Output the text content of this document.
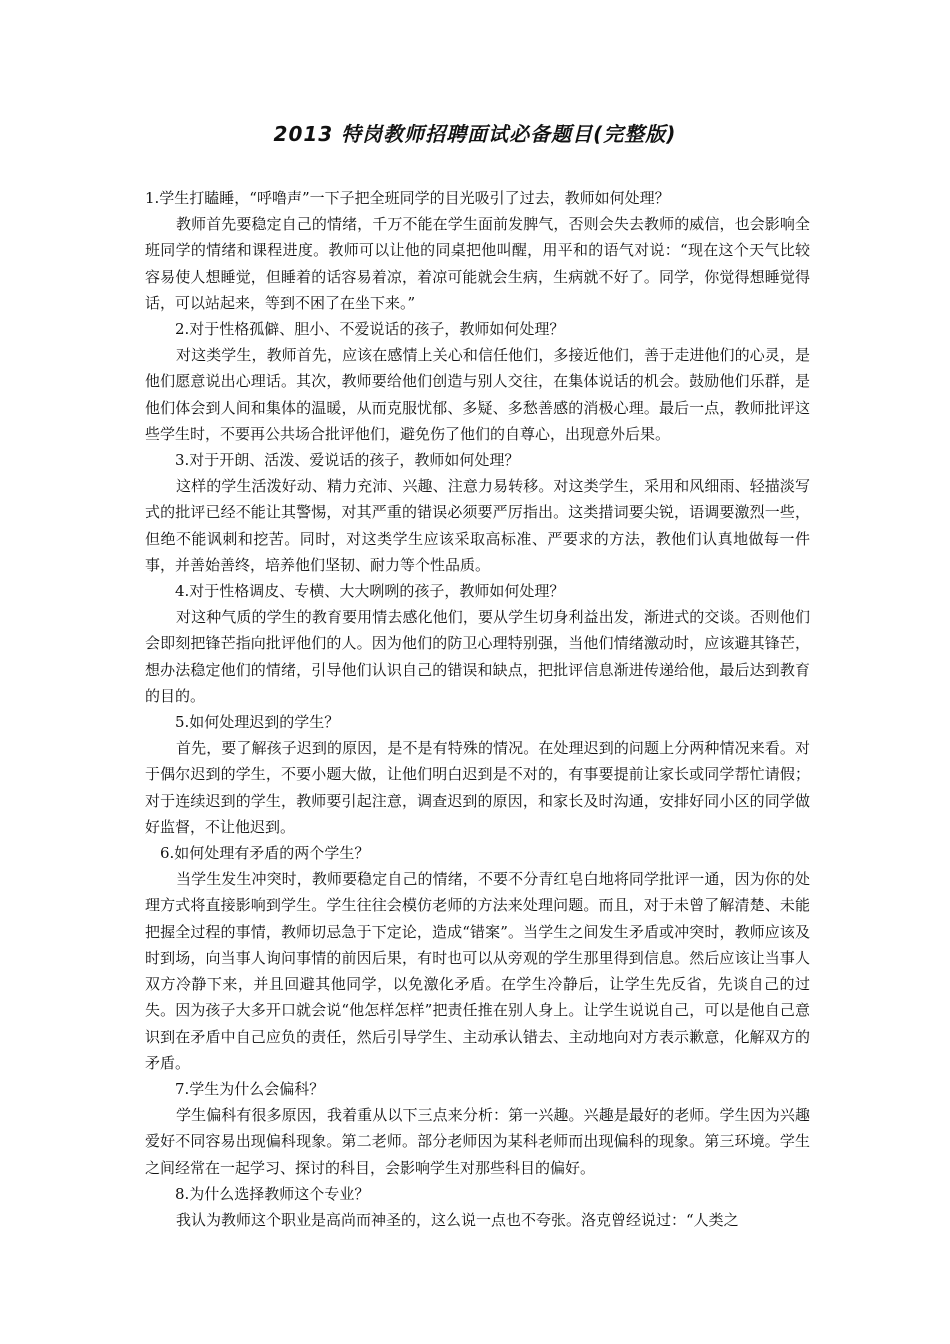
2013 特岗教师招聘面试必备题目(完整版)

1.学生打瞌睡，“呼噜声”一下子把全班同学的目光吸引了过去，教师如何处理？

教师首先要稳定自己的情绪，千万不能在学生面前发脾气，否则会失去教师的威信，也会影响全班同学的情绪和课程进度。教师可以让他的同桌把他叫醒，用平和的语气对说：“现在这个天气比较容易使人想睡觉，但睡着的话容易着凉，着凉可能就会生病，生病就不好了。同学，你觉得想睡觉得话，可以站起来，等到不困了在坐下来。”

2.对于性格孤僻、胆小、不爱说话的孩子，教师如何处理？

对这类学生，教师首先，应该在感情上关心和信任他们，多接近他们，善于走进他们的心灵，是他们愿意说出心理话。其次，教师要给他们创造与别人交往，在集体说话的机会。鼓励他们乐群，是他们体会到人间和集体的温暖，从而克服忧郁、多疑、多愁善感的消极心理。最后一点，教师批评这些学生时，不要再公共场合批评他们，避免伤了他们的自尊心，出现意外后果。

3.对于开朗、活泼、爱说话的孩子，教师如何处理？

这样的学生活泼好动、精力充沛、兴趣、注意力易转移。对这类学生，采用和风细雨、轻描淡写式的批评已经不能让其警惕，对其严重的错误必须要严厉指出。这类措词要尖锐，语调要激烈一些，但绝不能讽刺和挖苦。同时，对这类学生应该采取高标准、严要求的方法，教他们认真地做每一件事，并善始善终，培养他们坚韧、耐力等个性品质。

4.对于性格调皮、专横、大大咧咧的孩子，教师如何处理？

对这种气质的学生的教育要用情去感化他们，要从学生切身利益出发，渐进式的交谈。否则他们会即刻把锋芒指向批评他们的人。因为他们的防卫心理特别强，当他们情绪激动时，应该避其锋芒，想办法稳定他们的情绪，引导他们认识自己的错误和缺点，把批评信息渐进传递给他，最后达到教育的目的。

5.如何处理迟到的学生？

首先，要了解孩子迟到的原因，是不是有特殊的情况。在处理迟到的问题上分两种情况来看。对于偶尔迟到的学生，不要小题大做，让他们明白迟到是不对的，有事要提前让家长或同学帮忙请假；对于连续迟到的学生，教师要引起注意，调查迟到的原因，和家长及时沟通，安排好同小区的同学做好监督，不让他迟到。

6.如何处理有矛盾的两个学生？

当学生发生冲突时，教师要稳定自己的情绪，不要不分青红皂白地将同学批评一通，因为你的处理方式将直接影响到学生。学生往往会模仿老师的方法来处理问题。而且，对于未曾了解清楚、未能把握全过程的事情，教师切忌急于下定论，造成“错案”。当学生之间发生矛盾或冲突时，教师应该及时到场，向当事人询问事情的前因后果，有时也可以从旁观的学生那里得到信息。然后应该让当事人双方冷静下来，并且回避其他同学，以免激化矛盾。在学生冷静后，让学生先反省，先谈自己的过失。因为孩子大多开口就会说“他怎样怎样”把责任推在别人身上。让学生说说自己，可以是他自己意识到在矛盾中自己应负的责任，然后引导学生、主动承认错去、主动地向对方表示歉意，化解双方的矛盾。

7.学生为什么会偏科？

学生偏科有很多原因，我着重从以下三点来分析：第一兴趣。兴趣是最好的老师。学生因为兴趣爱好不同容易出现偏科现象。第二老师。部分老师因为某科老师而出现偏科的现象。第三环境。学生之间经常在一起学习、探讨的科目，会影响学生对那些科目的偏好。

8.为什么选择教师这个专业？

我认为教师这个职业是高尚而神圣的，这么说一点也不夸张。洛克曾经说过：“人类之
